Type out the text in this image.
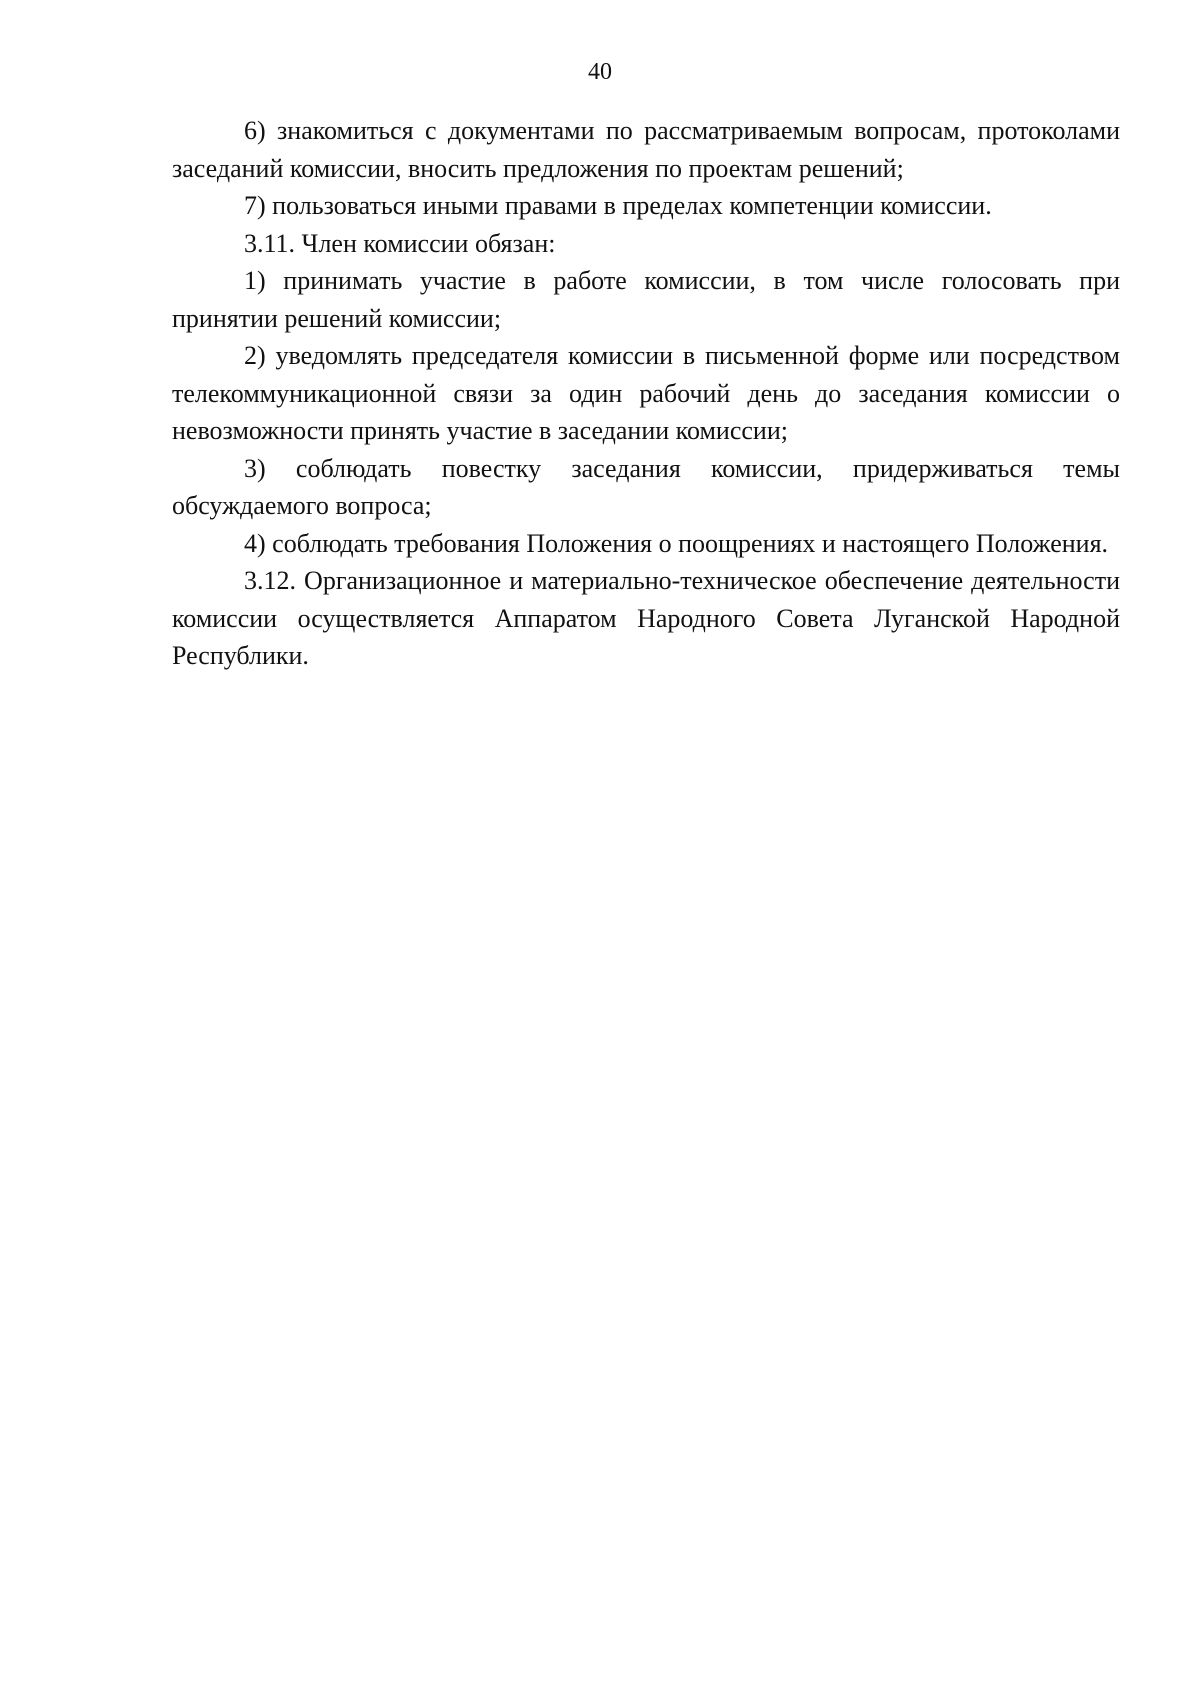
40

6) знакомиться с документами по рассматриваемым вопросам, протоколами заседаний комиссии, вносить предложения по проектам решений;

7) пользоваться иными правами в пределах компетенции комиссии.

3.11. Член комиссии обязан:

1) принимать участие в работе комиссии, в том числе голосовать при принятии решений комиссии;

2) уведомлять председателя комиссии в письменной форме или посредством телекоммуникационной связи за один рабочий день до заседания комиссии о невозможности принять участие в заседании комиссии;

3) соблюдать повестку заседания комиссии, придерживаться темы обсуждаемого вопроса;

4) соблюдать требования Положения о поощрениях и настоящего Положения.

3.12. Организационное и материально-техническое обеспечение деятельности комиссии осуществляется Аппаратом Народного Совета Луганской Народной Республики.
